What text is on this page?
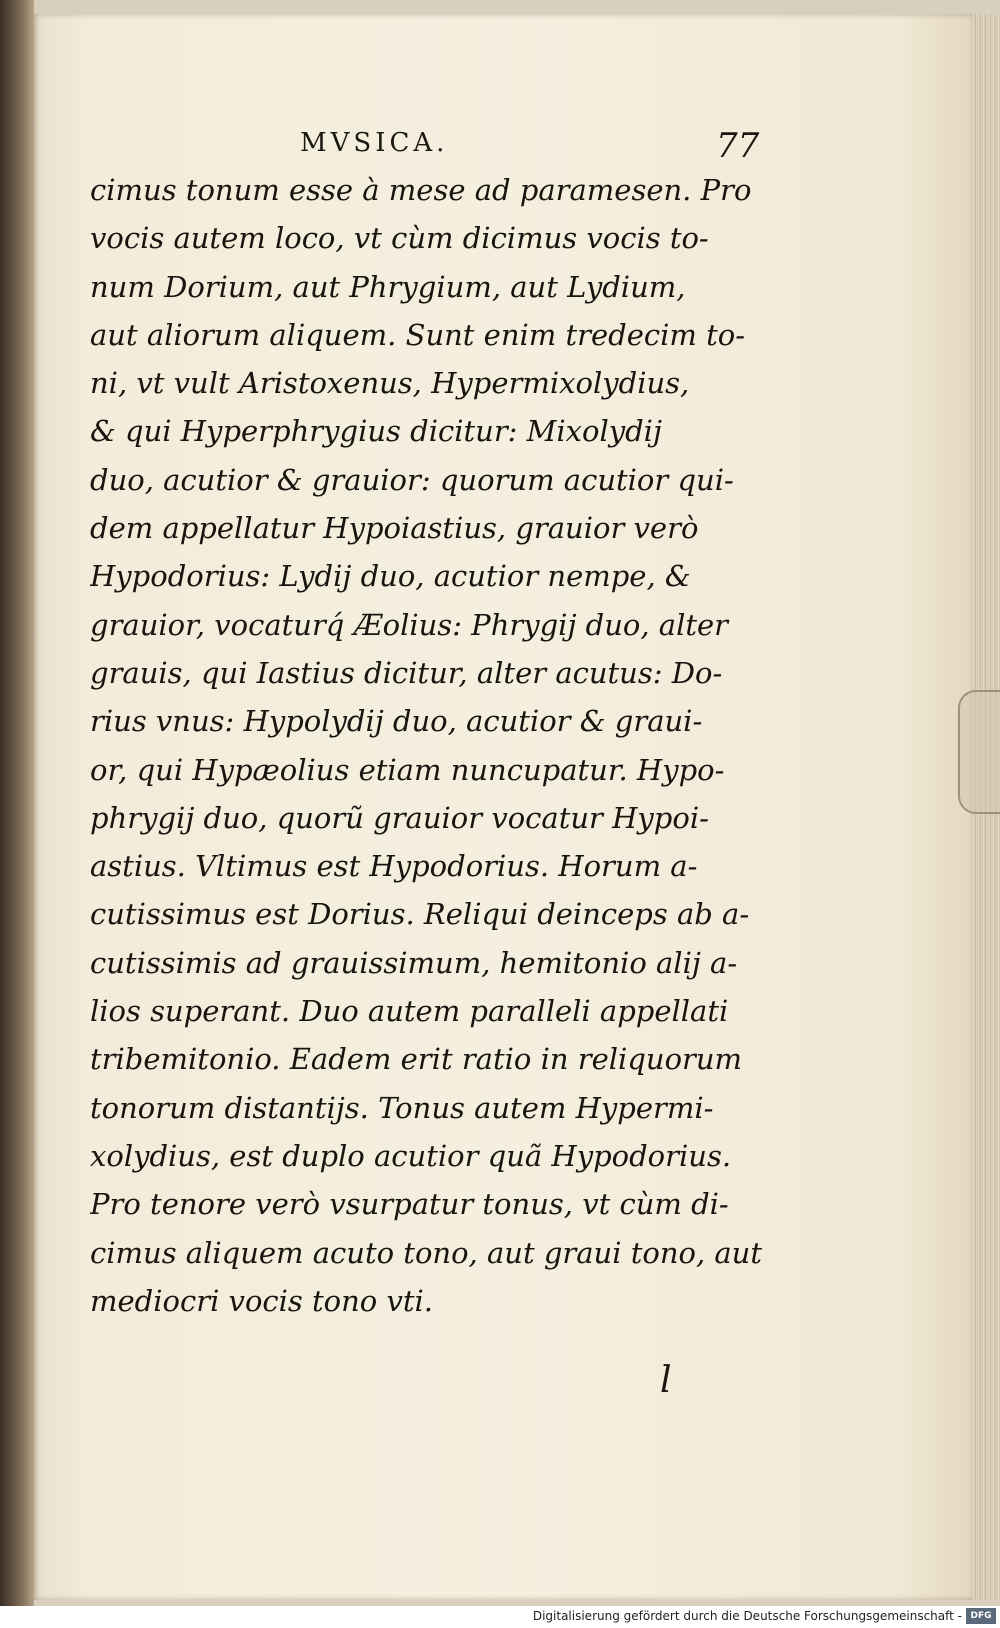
MVSICA.	77
cimus tonum esse à mese ad paramesen. Pro
vocis autem loco, vt cùm dicimus vocis to-
num Dorium, aut Phrygium, aut Lydium,
aut aliorum aliquem. Sunt enim tredecim to-
ni, vt vult Aristoxenus, Hypermixolydius,
& qui Hyperphrygius dicitur: Mixolydij
duo, acutior & grauior: quorum acutior qui-
dem appellatur Hypoiastius, grauior verò
Hypodorius: Lydij duo, acutior nempe, &
grauior, vocaturq́ Æolius: Phrygij duo, alter
grauis, qui Iastius dicitur, alter acutus: Do-
rius vnus: Hypolydij duo, acutior & graui-
or, qui Hypæolius etiam nuncupatur. Hypo-
phrygij duo, quorũ grauior vocatur Hypoi-
astius. Vltimus est Hypodorius. Horum a-
cutissimus est Dorius. Reliqui deinceps ab a-
cutissimis ad grauissimum, hemitonio alij a-
lios superant. Duo autem paralleli appellati
tribemitonio. Eadem erit ratio in reliquorum
tonorum distantijs. Tonus autem Hypermi-
xolydius, est duplo acutior quã Hypodorius.
Pro tenore verò vsurpatur tonus, vt cùm di-
cimus aliquem acuto tono, aut graui tono, aut
mediocri vocis tono vti.
l
Digitalisierung gefördert durch die Deutsche Forschungsgemeinschaft - DFG
